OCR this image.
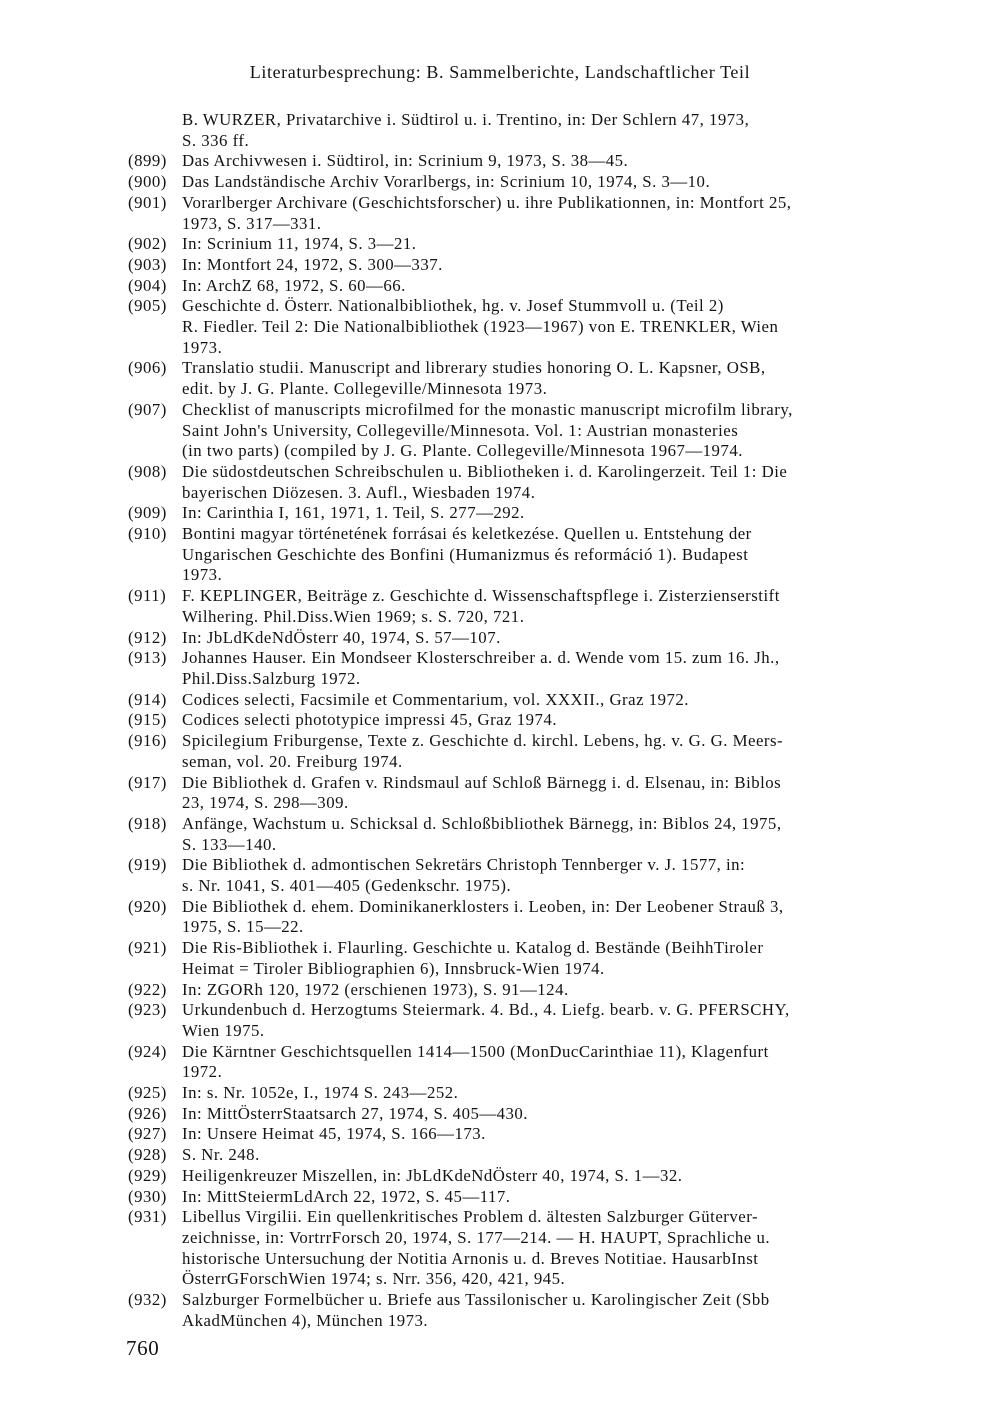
Literaturbesprechung: B. Sammelberichte, Landschaftlicher Teil
B. WURZER, Privatarchive i. Südtirol u. i. Trentino, in: Der Schlern 47, 1973,
S. 336 ff.
(899) Das Archivwesen i. Südtirol, in: Scrinium 9, 1973, S. 38—45.
(900) Das Landständische Archiv Vorarlbergs, in: Scrinium 10, 1974, S. 3—10.
(901) Vorarlberger Archivare (Geschichtsforscher) u. ihre Publikationnen, in: Montfort 25,
1973, S. 317—331.
(902) In: Scrinium 11, 1974, S. 3—21.
(903) In: Montfort 24, 1972, S. 300—337.
(904) In: ArchZ 68, 1972, S. 60—66.
(905) Geschichte d. Österr. Nationalbibliothek, hg. v. Josef Stummvoll u. (Teil 2)
R. Fiedler. Teil 2: Die Nationalbibliothek (1923—1967) von E. TRENKLER, Wien
1973.
(906) Translatio studii. Manuscript and librerary studies honoring O. L. Kapsner, OSB,
edit. by J. G. Plante. Collegeville/Minnesota 1973.
(907) Checklist of manuscripts microfilmed for the monastic manuscript microfilm library,
Saint John's University, Collegeville/Minnesota. Vol. 1: Austrian monasteries
(in two parts) (compiled by J. G. Plante. Collegeville/Minnesota 1967—1974.
(908) Die südostdeutschen Schreibschulen u. Bibliotheken i. d. Karolingerzeit. Teil 1: Die
bayerischen Diözesen. 3. Aufl., Wiesbaden 1974.
(909) In: Carinthia I, 161, 1971, 1. Teil, S. 277—292.
(910) Bontini magyar történetének forrásai és keletkezése. Quellen u. Entstehung der
Ungarischen Geschichte des Bonfini (Humanizmus és reformáció 1). Budapest
1973.
(911) F. KEPLINGER, Beiträge z. Geschichte d. Wissenschaftspflege i. Zisterzienserstift
Wilhering. Phil.Diss.Wien 1969; s. S. 720, 721.
(912) In: JbLdKdeNdÖsterr 40, 1974, S. 57—107.
(913) Johannes Hauser. Ein Mondseer Klosterschreiber a. d. Wende vom 15. zum 16. Jh.,
Phil.Diss.Salzburg 1972.
(914) Codices selecti, Facsimile et Commentarium, vol. XXXII., Graz 1972.
(915) Codices selecti phototypice impressi 45, Graz 1974.
(916) Spicilegium Friburgense, Texte z. Geschichte d. kirchl. Lebens, hg. v. G. G. Meers-
seman, vol. 20. Freiburg 1974.
(917) Die Bibliothek d. Grafen v. Rindsmaul auf Schloß Bärnegg i. d. Elsenau, in: Biblos
23, 1974, S. 298—309.
(918) Anfänge, Wachstum u. Schicksal d. Schloßbibliothek Bärnegg, in: Biblos 24, 1975,
S. 133—140.
(919) Die Bibliothek d. admontischen Sekretärs Christoph Tennberger v. J. 1577, in:
s. Nr. 1041, S. 401—405 (Gedenkschr. 1975).
(920) Die Bibliothek d. ehem. Dominikanerklosters i. Leoben, in: Der Leobener Strauß 3,
1975, S. 15—22.
(921) Die Ris-Bibliothek i. Flaurling. Geschichte u. Katalog d. Bestände (BeihhTiroler
Heimat = Tiroler Bibliographien 6), Innsbruck-Wien 1974.
(922) In: ZGORh 120, 1972 (erschienen 1973), S. 91—124.
(923) Urkundenbuch d. Herzogtums Steiermark. 4. Bd., 4. Liefg. bearb. v. G. PFERSCHY,
Wien 1975.
(924) Die Kärntner Geschichtsquellen 1414—1500 (MonDucCarinthiae 11), Klagenfurt
1972.
(925) In: s. Nr. 1052e, I., 1974 S. 243—252.
(926) In: MittÖsterrStaatsarch 27, 1974, S. 405—430.
(927) In: Unsere Heimat 45, 1974, S. 166—173.
(928) S. Nr. 248.
(929) Heiligenkreuzer Miszellen, in: JbLdKdeNdÖsterr 40, 1974, S. 1—32.
(930) In: MittSteiermLdArch 22, 1972, S. 45—117.
(931) Libellus Virgilii. Ein quellenkritisches Problem d. ältesten Salzburger Güterver-
zeichnisse, in: VortrrForsch 20, 1974, S. 177—214. — H. HAUPT, Sprachliche u.
historische Untersuchung der Notitia Arnonis u. d. Breves Notitiae. HausarbInst
ÖsterrGForschWien 1974; s. Nrr. 356, 420, 421, 945.
(932) Salzburger Formelbücher u. Briefe aus Tassilonischer u. Karolingischer Zeit (Sbb
AkadMünchen 4), München 1973.
760
